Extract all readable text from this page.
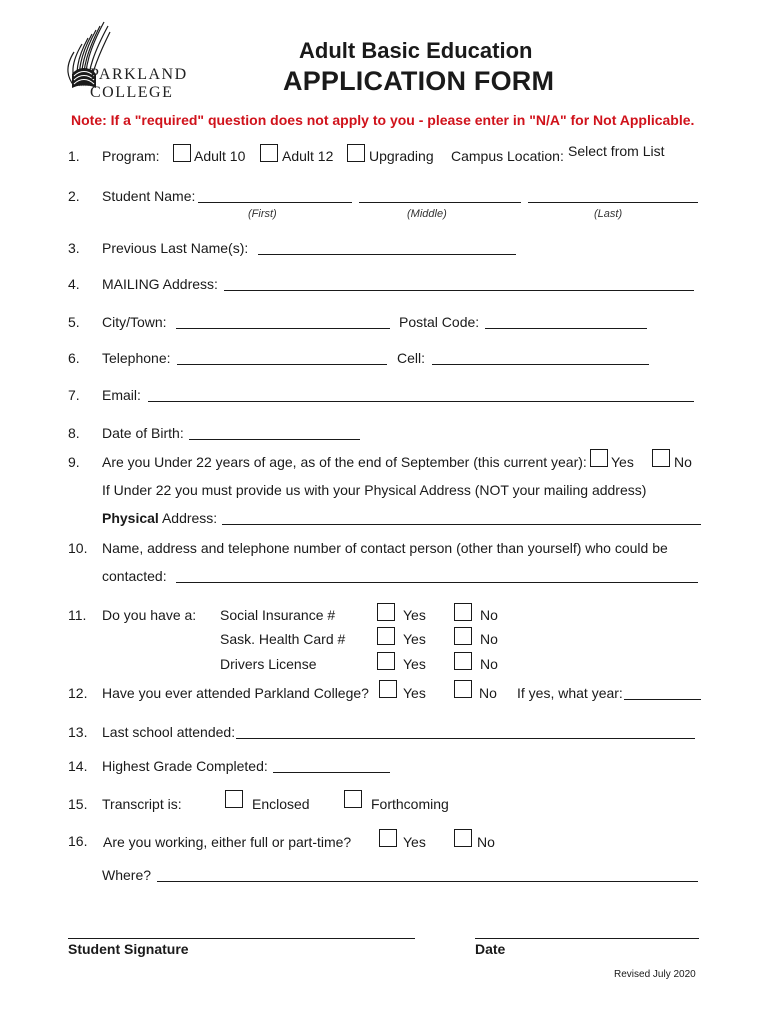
PARKLAND
COLLEGE
Adult Basic Education
APPLICATION FORM
Note: If a "required" question does not apply to you - please enter in "N/A" for Not Applicable.
1. Program: Adult 10	Adult 12	Upgrading Campus Location: Select from List
2. Student Name:
(First)	(Middle)	(Last)
3. Previous Last Name(s):
4. MAILING Address:
5. City/Town:	Postal Code:
6. Telephone:	Cell:
7. Email:
8. Date of Birth:
9. Are you Under 22 years of age, as of the end of September (this current year): Yes	No
If Under 22 you must provide us with your Physical Address (NOT your mailing address)
Physical Address:
10. Name, address and telephone number of contact person (other than yourself) who could be
contacted:
11. Do you have a: Social Insurance #	Yes	No
Sask. Health Card #	Yes	No
Drivers License	Yes	No
12. Have you ever attended Parkland College? Yes	No If yes, what year:
13. Last school attended:
14. Highest Grade Completed:
15. Transcript is:	Enclosed	Forthcoming
16. Are you working, either full or part-time?	Yes	No
Where?
Student Signature	Date
Revised July 2020
